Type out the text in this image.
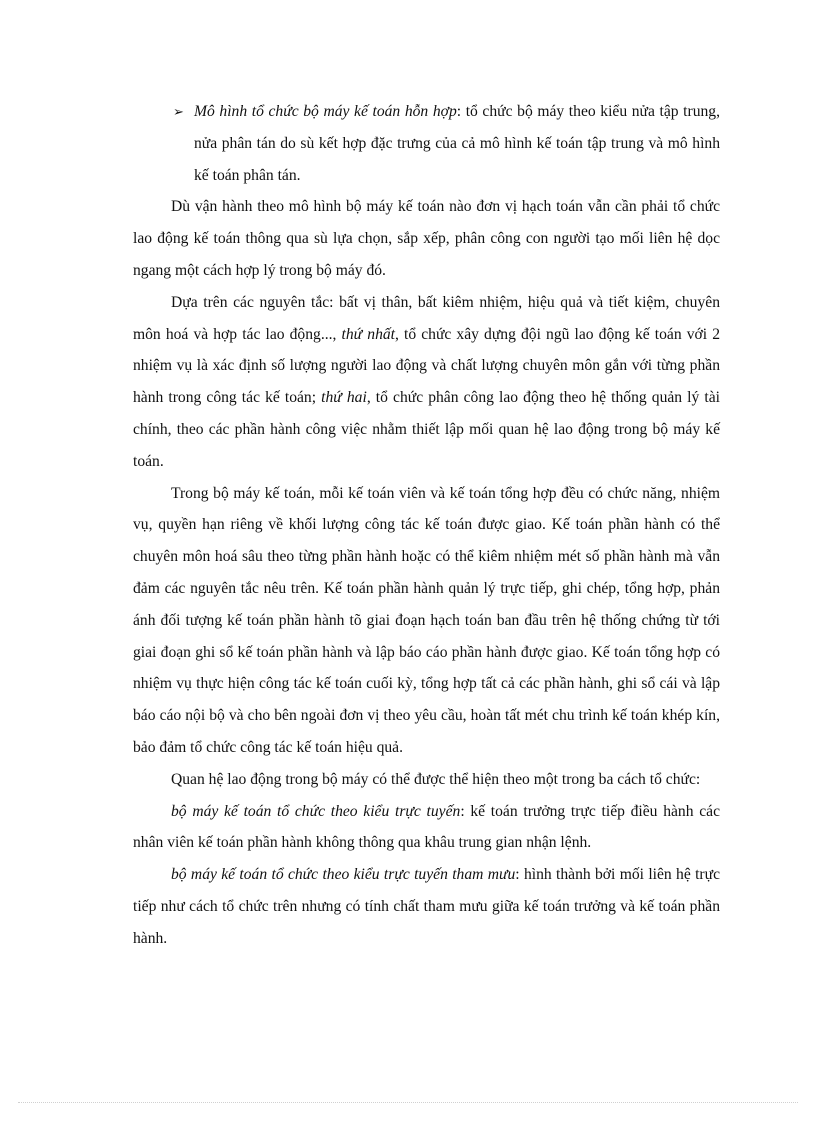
➢ Mô hình tổ chức bộ máy kế toán hỗn hợp: tổ chức bộ máy theo kiểu nửa tập trung, nửa phân tán do sù kết hợp đặc trưng của cả mô hình kế toán tập trung và mô hình kế toán phân tán.

Dù vận hành theo mô hình bộ máy kế toán nào đơn vị hạch toán vẫn cần phải tổ chức lao động kế toán thông qua sù lựa chọn, sắp xếp, phân công con người tạo mối liên hệ dọc ngang một cách hợp lý trong bộ máy đó.

Dựa trên các nguyên tắc: bất vị thân, bất kiêm nhiệm, hiệu quả và tiết kiệm, chuyên môn hoá và hợp tác lao động..., thứ nhất, tổ chức xây dựng đội ngũ lao động kế toán với 2 nhiệm vụ là xác định số lượng người lao động và chất lượng chuyên môn gắn với từng phần hành trong công tác kế toán; thứ hai, tổ chức phân công lao động theo hệ thống quản lý tài chính, theo các phần hành công việc nhằm thiết lập mối quan hệ lao động trong bộ máy kế toán.

Trong bộ máy kế toán, mỗi kế toán viên và kế toán tổng hợp đều có chức năng, nhiệm vụ, quyền hạn riêng về khối lượng công tác kế toán được giao. Kế toán phần hành có thể chuyên môn hoá sâu theo từng phần hành hoặc có thể kiêm nhiệm mét số phần hành mà vẫn đảm các nguyên tắc nêu trên. Kế toán phần hành quản lý trực tiếp, ghi chép, tổng hợp, phản ánh đối tượng kế toán phần hành tõ giai đoạn hạch toán ban đầu trên hệ thống chứng từ tới giai đoạn ghi sổ kế toán phần hành và lập báo cáo phần hành được giao. Kế toán tổng hợp có nhiệm vụ thực hiện công tác kế toán cuối kỳ, tổng hợp tất cả các phần hành, ghi sổ cái và lập báo cáo nội bộ và cho bên ngoài đơn vị theo yêu cầu, hoàn tất mét chu trình kế toán khép kín, bảo đảm tổ chức công tác kế toán hiệu quả.

Quan hệ lao động trong bộ máy có thể được thể hiện theo một trong ba cách tổ chức:

bộ máy kế toán tổ chức theo kiểu trực tuyến: kế toán trưởng trực tiếp điều hành các nhân viên kế toán phần hành không thông qua khâu trung gian nhận lệnh.

bộ máy kế toán tổ chức theo kiểu trực tuyến tham mưu: hình thành bởi mối liên hệ trực tiếp như cách tổ chức trên nhưng có tính chất tham mưu giữa kế toán trưởng và kế toán phần hành.
